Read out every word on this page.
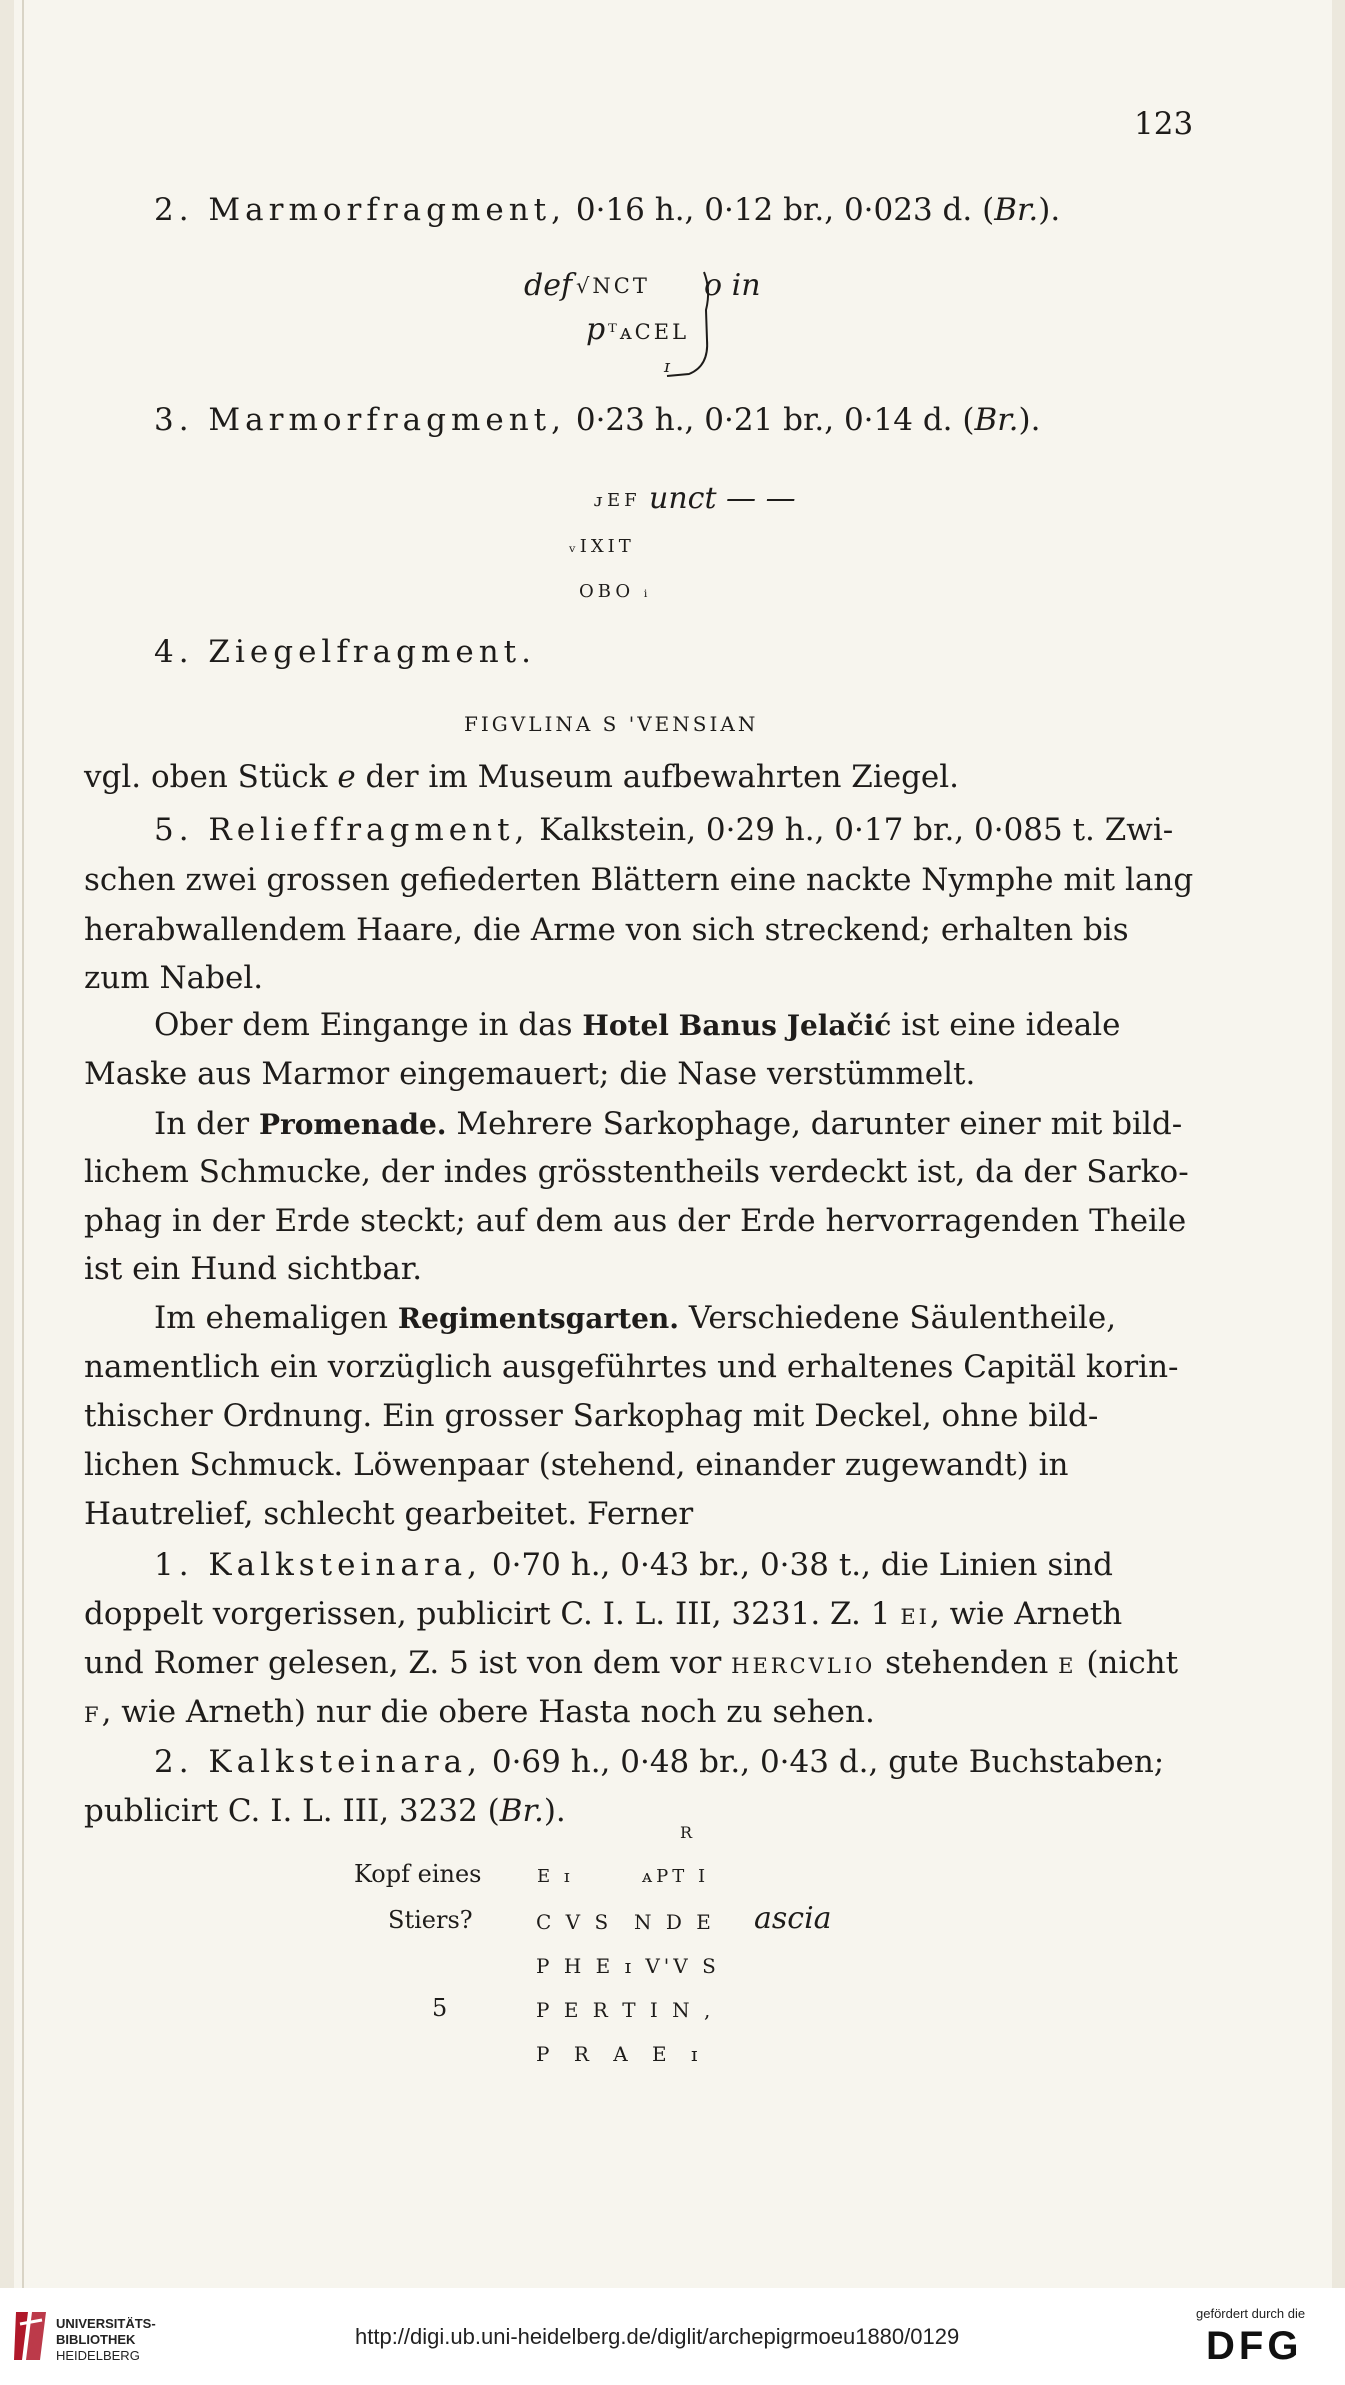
123
2. Marmorfragment, 0·16 h., 0·12 br., 0·023 d. (Br.).
def √NCT o in
p ᵀᴀCEL
ɪ
3. Marmorfragment, 0·23 h., 0·21 br., 0·14 d. (Br.).
ᴊEF unct — —
ᵥIXIT
OBO ᵢ
4. Ziegelfragment.
FIGVLINA S 'VENSIAN
vgl. oben Stück e der im Museum aufbewahrten Ziegel.
5. Relieffragment, Kalkstein, 0·29 h., 0·17 br., 0·085 t. Zwi-
schen zwei grossen gefiederten Blättern eine nackte Nymphe mit lang
herabwallendem Haare, die Arme von sich streckend; erhalten bis
zum Nabel.
Ober dem Eingange in das Hotel Banus Jelačić ist eine ideale
Maske aus Marmor eingemauert; die Nase verstümmelt.
In der Promenade. Mehrere Sarkophage, darunter einer mit bild-
lichem Schmucke, der indes grösstentheils verdeckt ist, da der Sarko-
phag in der Erde steckt; auf dem aus der Erde hervorragenden Theile
ist ein Hund sichtbar.
Im ehemaligen Regimentsgarten. Verschiedene Säulentheile,
namentlich ein vorzüglich ausgeführtes und erhaltenes Capitäl korin-
thischer Ordnung. Ein grosser Sarkophag mit Deckel, ohne bild-
lichen Schmuck. Löwenpaar (stehend, einander zugewandt) in
Hautrelief, schlecht gearbeitet. Ferner
1. Kalksteinara, 0·70 h., 0·43 br., 0·38 t., die Linien sind
doppelt vorgerissen, publicirt C. I. L. III, 3231. Z. 1 EI, wie Arneth
und Romer gelesen, Z. 5 ist von dem vor HERCVLIO stehenden E (nicht
F, wie Arneth) nur die obere Hasta noch zu sehen.
2. Kalksteinara, 0·69 h., 0·48 br., 0·43 d., gute Buchstaben;
publicirt C. I. L. III, 3232 (Br.).
R
Kopf eines	E ɪ	ᴀPT I
Stiers?	C V S N D E ascia
P H E ɪ V'V S
5	P E R T I N ,
P R A E ɪ
UNIVERSITÄTS-
BIBLIOTHEK
HEIDELBERG
http://digi.ub.uni-heidelberg.de/diglit/archepigrmoeu1880/0129
gefördert durch die
DFG
